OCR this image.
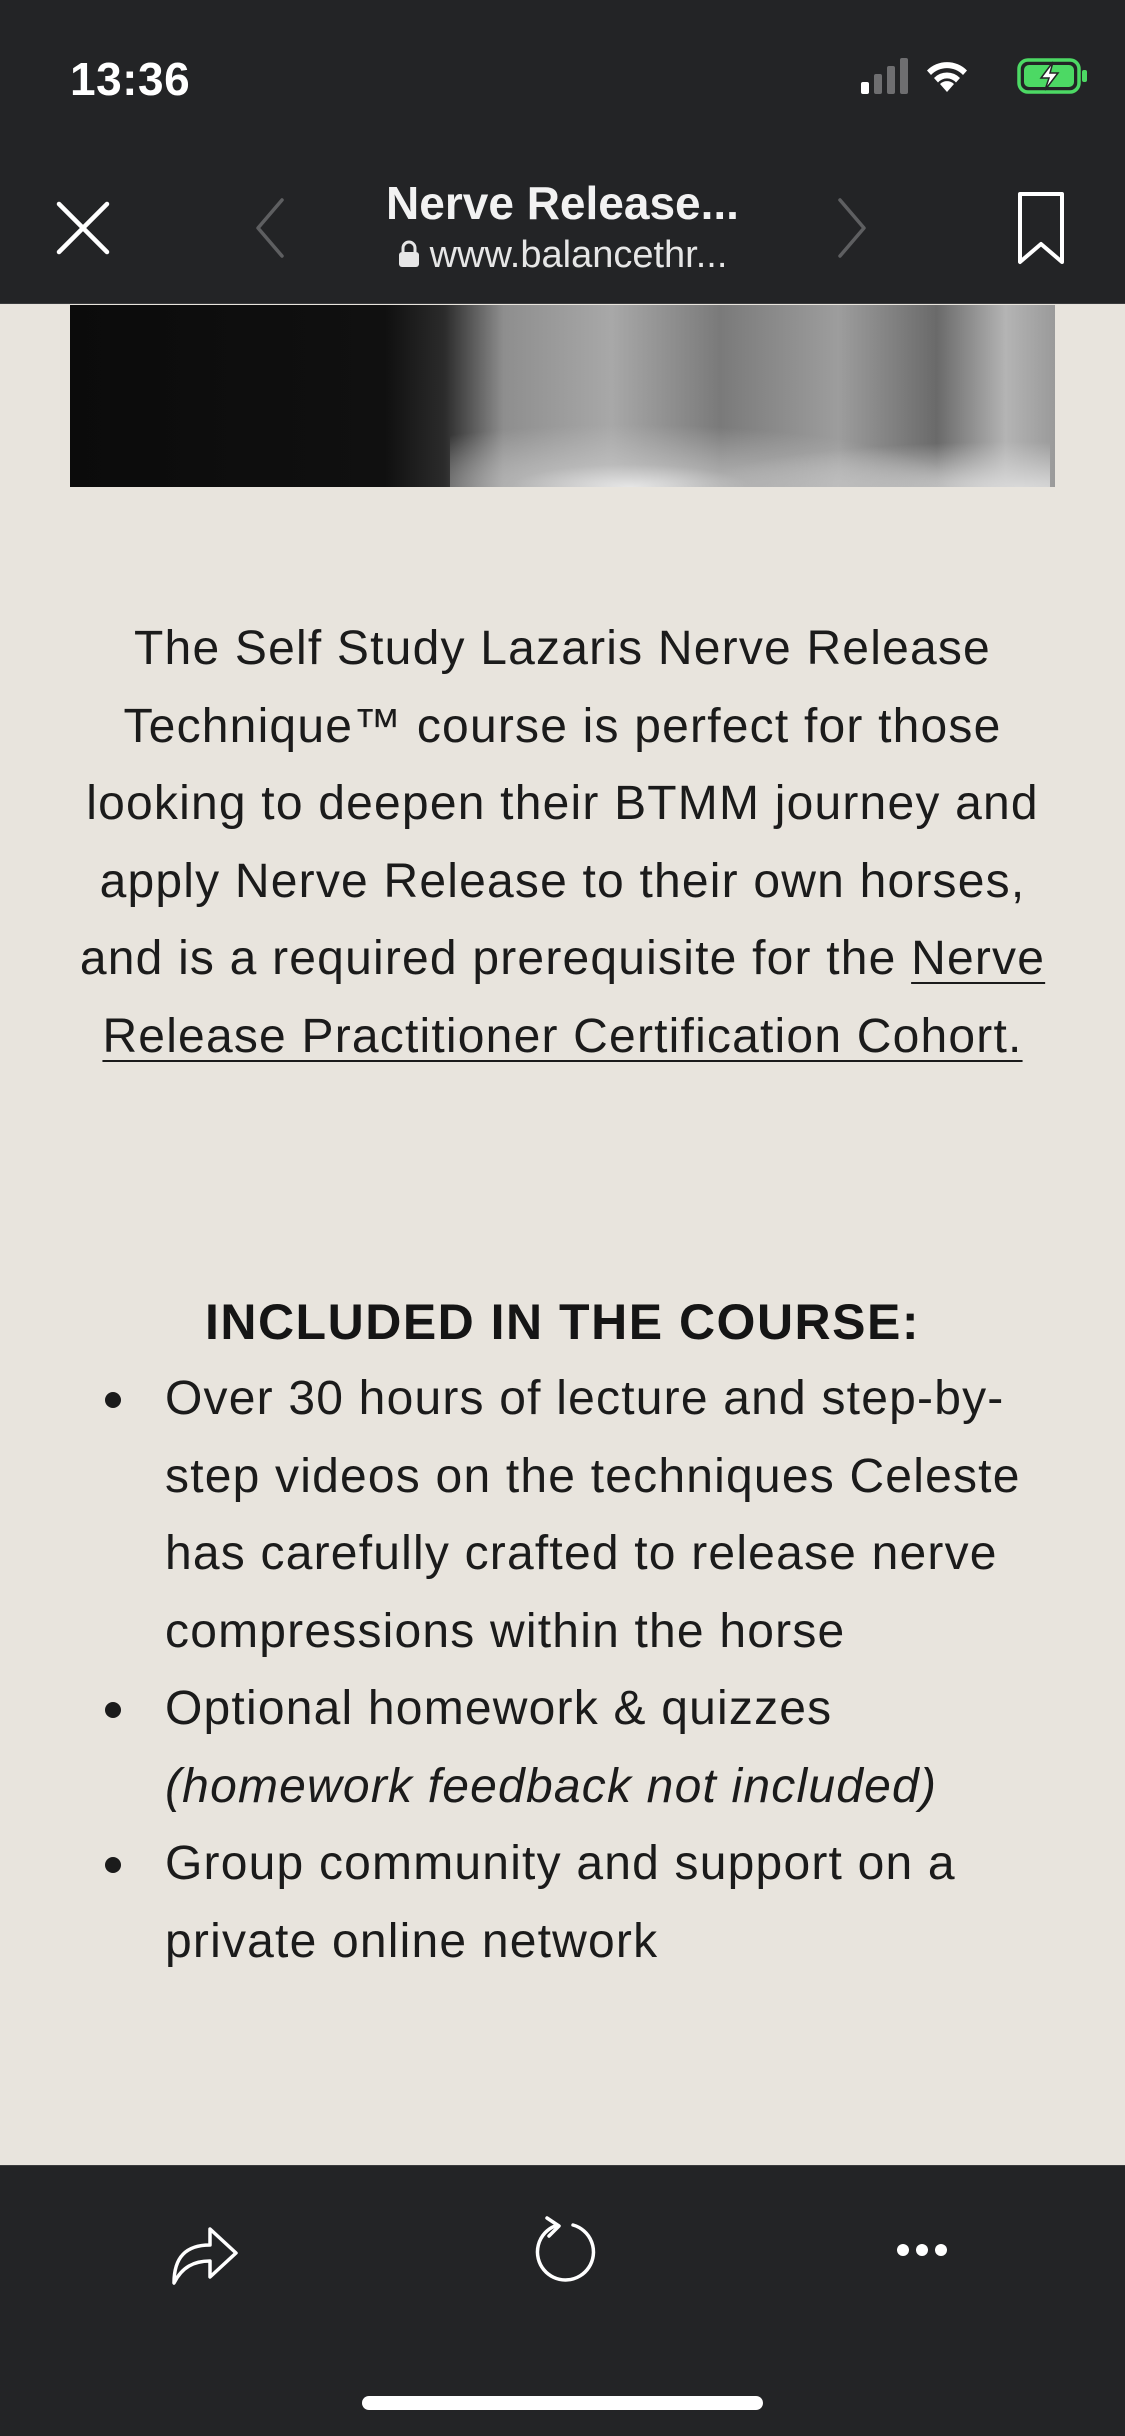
13:36
Nerve Release...
www.balancethr...

The Self Study Lazaris Nerve Release Technique™ course is perfect for those looking to deepen their BTMM journey and apply Nerve Release to their own horses, and is a required prerequisite for the Nerve Release Practitioner Certification Cohort.

INCLUDED IN THE COURSE:
Over 30 hours of lecture and step-by-step videos on the techniques Celeste has carefully crafted to release nerve compressions within the horse
Optional homework & quizzes (homework feedback not included)
Group community and support on a private online network
